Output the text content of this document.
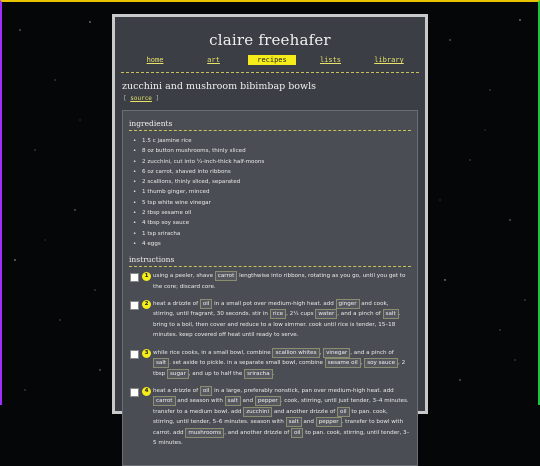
claire freehafer
home	art	recipes	lists	library
zucchini and mushroom bibimbap bowls
[ source ]
ingredients
• 1.5 c jasmine rice
• 8 oz button mushrooms, thinly sliced
• 2 zucchini, cut into ¼-inch-thick half-moons
• 6 oz carrot, shaved into ribbons
• 2 scallions, thinly sliced, separated
• 1 thumb ginger, minced
• 5 tsp white wine vinegar
• 2 tbsp sesame oil
• 4 tbsp soy sauce
• 1 tsp sriracha
• 4 eggs
instructions
1 using a peeler, shave carrot lengthwise into ribbons, rotating as you go, until you get to the core; discard core.
2 heat a drizzle of oil in a small pot over medium-high heat. add ginger and cook, stirring, until fragrant, 30 seconds. stir in rice , 2¼ cups water , and a pinch of salt . bring to a boil, then cover and reduce to a low simmer. cook until rice is tender, 15–18 minutes. keep covered off heat until ready to serve.
3 while rice cooks, in a small bowl, combine scallion whites , vinegar , and a pinch of salt . set aside to pickle. in a separate small bowl, combine sesame oil , soy sauce , 2 tbsp sugar , and up to half the sriracha .
4 heat a drizzle of oil in a large, preferably nonstick, pan over medium-high heat. add carrot and season with salt and pepper . cook, stirring, until just tender, 3–4 minutes. transfer to a medium bowl. add zucchini and another drizzle of oil to pan. cook, stirring, until tender, 5–6 minutes. season with salt and pepper . transfer to bowl with carrot. add mushrooms , and another drizzle of oil to pan. cook, stirring, until tender, 3–5 minutes.
